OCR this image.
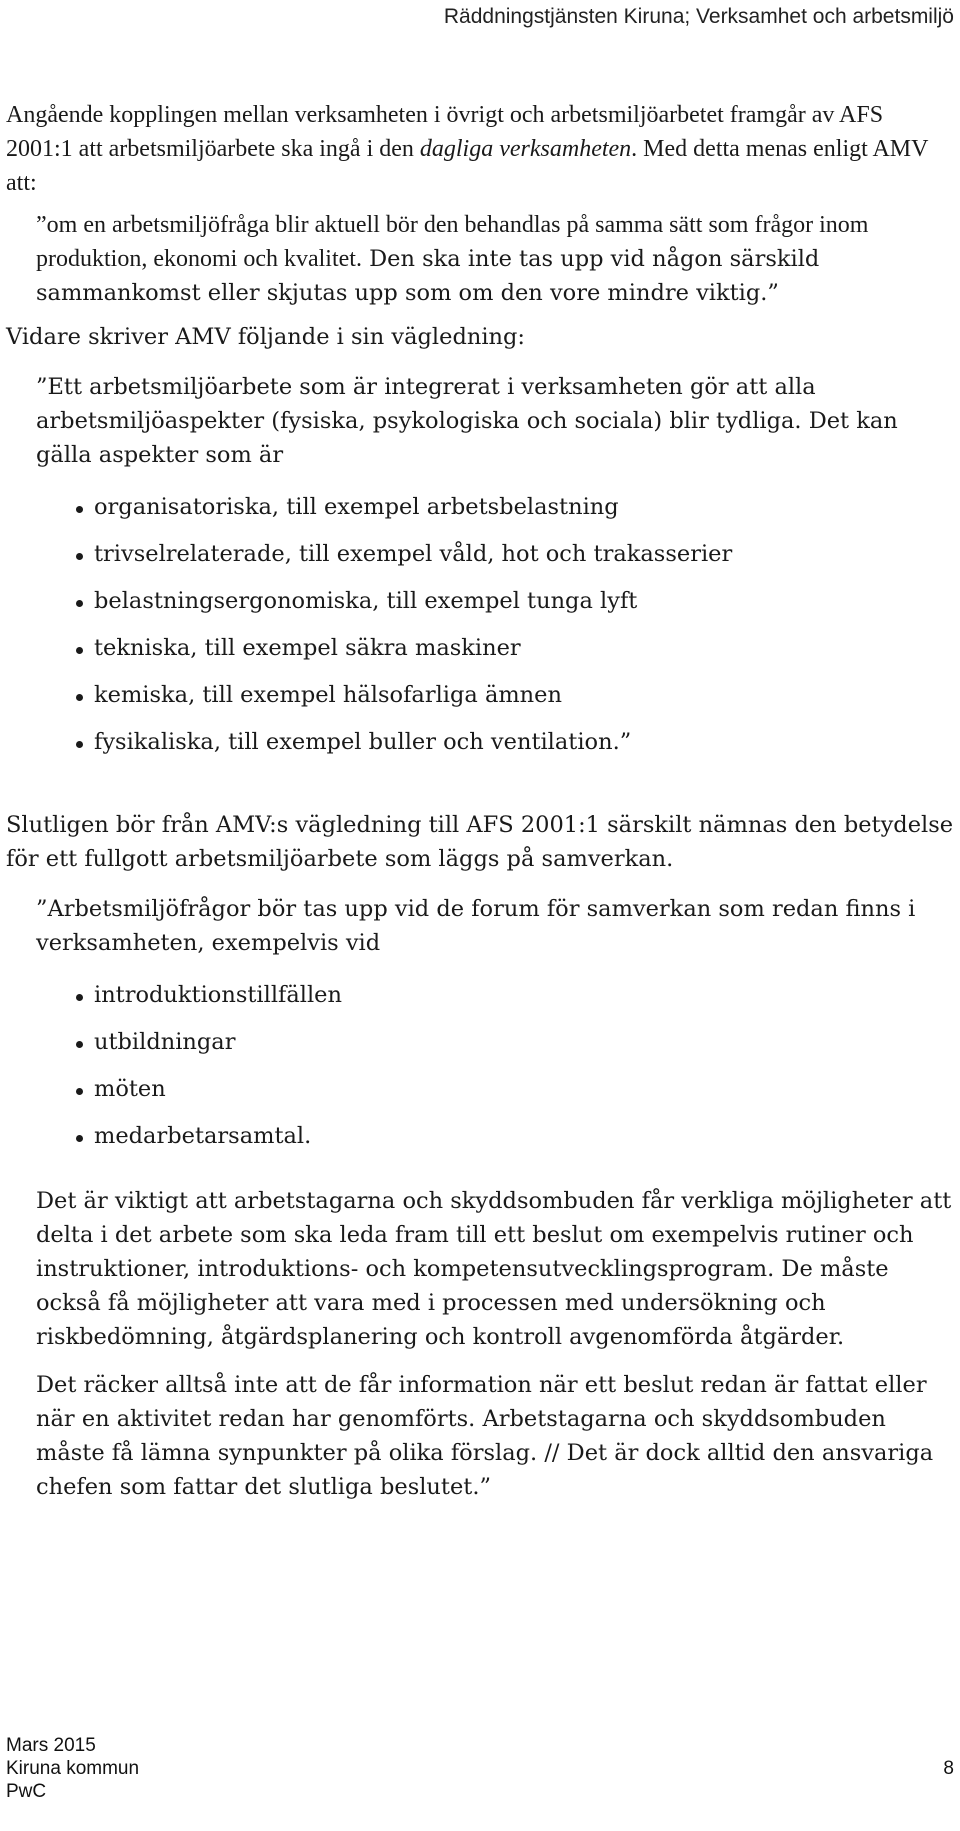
Räddningstjänsten Kiruna; Verksamhet och arbetsmiljö

Angående kopplingen mellan verksamheten i övrigt och arbetsmiljöarbetet framgår av AFS 2001:1 att arbetsmiljöarbete ska ingå i den dagliga verksamheten. Med detta menas enligt AMV att:

”om en arbetsmiljöfråga blir aktuell bör den behandlas på samma sätt som frågor inom produktion, ekonomi och kvalitet. Den ska inte tas upp vid någon särskild sammankomst eller skjutas upp som om den vore mindre viktig.”

Vidare skriver AMV följande i sin vägledning:

”Ett arbetsmiljöarbete som är integrerat i verksamheten gör att alla arbetsmiljöaspekter (fysiska, psykologiska och sociala) blir tydliga. Det kan gälla aspekter som är

organisatoriska, till exempel arbetsbelastning
trivselrelaterade, till exempel våld, hot och trakasserier
belastningsergonomiska, till exempel tunga lyft
tekniska, till exempel säkra maskiner
kemiska, till exempel hälsofarliga ämnen
fysikaliska, till exempel buller och ventilation.”

Slutligen bör från AMV:s vägledning till AFS 2001:1 särskilt nämnas den betydelse för ett fullgott arbetsmiljöarbete som läggs på samverkan.

”Arbetsmiljöfrågor bör tas upp vid de forum för samverkan som redan finns i verksamheten, exempelvis vid

introduktionstillfällen
utbildningar
möten
medarbetarsamtal.

Det är viktigt att arbetstagarna och skyddsombuden får verkliga möjligheter att delta i det arbete som ska leda fram till ett beslut om exempelvis rutiner och instruktioner, introduktions- och kompetensutvecklingsprogram. De måste också få möjligheter att vara med i processen med undersökning och riskbedömning, åtgärdsplanering och kontroll avgenomförda åtgärder.

Det räcker alltså inte att de får information när ett beslut redan är fattat eller när en aktivitet redan har genomförts. Arbetstagarna och skyddsombuden måste få lämna synpunkter på olika förslag. // Det är dock alltid den ansvariga chefen som fattar det slutliga beslutet.”

Mars 2015
Kiruna kommun
PwC
8
